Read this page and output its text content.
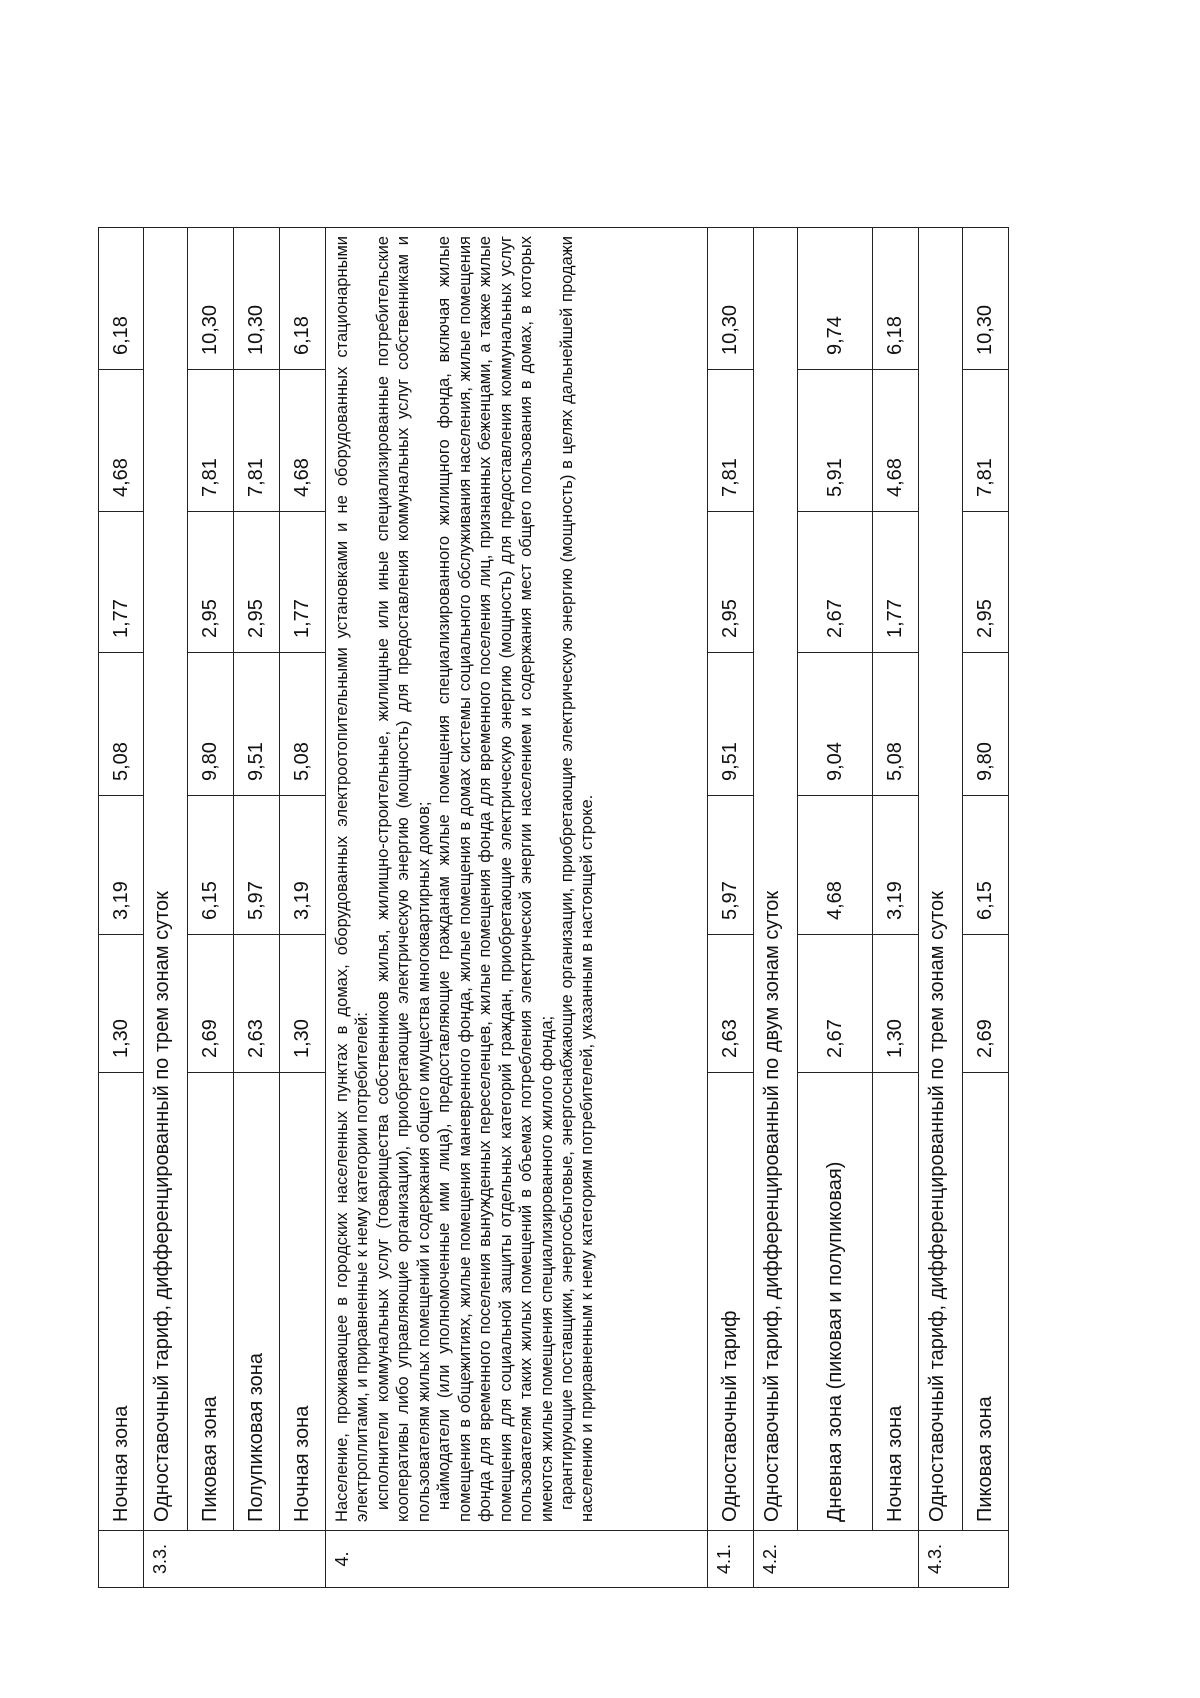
	Ночная зона	1,30	3,19	5,08	1,77	4,68	6,18
3.3.	Одноставочный тариф, дифференцированный по трем зонам суток						
	Пиковая зона	2,69	6,15	9,80	2,95	7,81	10,30
	Полупиковая зона	2,63	5,97	9,51	2,95	7,81	10,30
	Ночная зона	1,30	3,19	5,08	1,77	4,68	6,18
4.	Население, проживающее в городских населенных пунктах в домах, оборудованных электроотопительными установками и не оборудованных стационарными электроплитами, и приравненные к нему категории потребителей: исполнители коммунальных услуг (товарищества собственников жилья, жилищно-строительные, жилищные или иные специализированные потребительские кооперативы либо управляющие организации), приобретающие электрическую энергию (мощность) для предоставления коммунальных услуг собственникам и пользователям жилых помещений и содержания общего имущества многоквартирных домов; наймодатели (или уполномоченные ими лица), предоставляющие гражданам жилые помещения специализированного жилищного фонда, включая жилые помещения в общежитиях, жилые помещения маневренного фонда, жилые помещения в домах системы социального обслуживания населения, жилые помещения фонда для временного поселения вынужденных переселенцев, жилые помещения фонда для временного поселения лиц, признанных беженцами, а также жилые помещения для социальной защиты отдельных категорий граждан, приобретающие электрическую энергию (мощность) для предоставления коммунальных услуг пользователям таких жилых помещений в объемах потребления электрической энергии населением и содержания мест общего пользования в домах, в которых имеются жилые помещения специализированного жилого фонда; гарантирующие поставщики, энергосбытовые, энергоснабжающие организации, приобретающие электрическую энергию (мощность) в целях дальнейшей продажи населению и приравненным к нему категориям потребителей, указанным в настоящей строке.						

4.1.	Одноставочный тариф	2,63	5,97	9,51	2,95	7,81	10,30
4.2.	Одноставочный тариф, дифференцированный по двум зонам суток						
	Дневная зона (пиковая и полупиковая)	2,67	4,68	9,04	2,67	5,91	9,74
	Ночная зона	1,30	3,19	5,08	1,77	4,68	6,18
4.3.	Одноставочный тариф, дифференцированный по трем зонам суток						
	Пиковая зона	2,69	6,15	9,80	2,95	7,81	10,30
